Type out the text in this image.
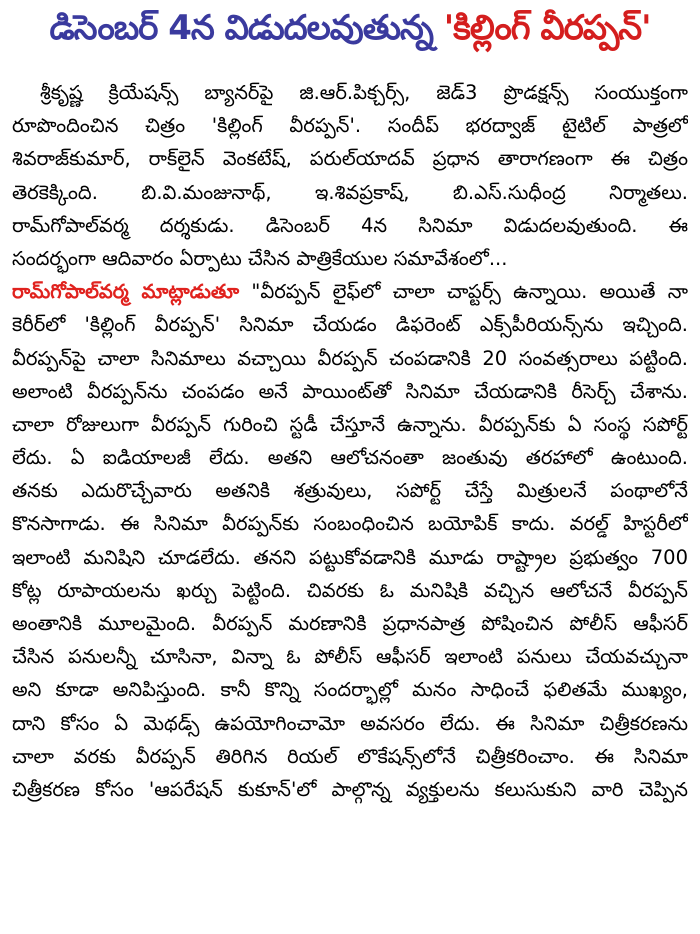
డిసెంబర్ 4న విడుదలవుతున్న 'కిల్లింగ్ వీరప్పన్'
శ్రీకృష్ణ క్రియేషన్స్ బ్యానర్‌పై జి.ఆర్.పిక్చర్స్, జెడ్3 ప్రొడక్షన్స్ సంయుక్తంగా
రూపొందించిన చిత్రం 'కిల్లింగ్ వీరప్పన్'. సందీప్ భరద్వాజ్ టైటిల్ పాత్రలో
శివరాజ్‌కుమార్, రాక్‌లైన్ వెంకటేష్, పరుల్‌యాదవ్ ప్రధాన తారాగణంగా ఈ చిత్రం
తెరకెక్కింది. బి.వి.మంజునాథ్, ఇ.శివప్రకాష్, బి.ఎస్.సుధీంద్ర నిర్మాతలు.
రామ్‌గోపాల్‌వర్మ దర్శకుడు. డిసెంబర్ 4న సినిమా విడుదలవుతుంది. ఈ
సందర్భంగా ఆదివారం ఏర్పాటు చేసిన పాత్రికేయుల సమావేశంలో...
రామ్‌గోపాల్‌వర్మ మాట్లాడుతూ "వీరప్పన్ లైఫ్‌లో చాలా చాప్టర్స్ ఉన్నాయి. అయితే నా
కెరీర్‌లో 'కిల్లింగ్ వీరప్పన్' సినిమా చేయడం డిఫరెంట్ ఎక్స్‌పీరియన్స్‌ను ఇచ్చింది.
వీరప్పన్‌పై చాలా సినిమాలు వచ్చాయి వీరప్పన్ చంపడానికి 20 సంవత్సరాలు పట్టింది.
అలాంటి వీరప్పన్‌ను చంపడం అనే పాయింట్‌తో సినిమా చేయడానికి రీసెర్చ్ చేశాను.
చాలా రోజులుగా వీరప్పన్ గురించి స్టడీ చేస్తూనే ఉన్నాను. వీరప్పన్‌కు ఏ సంస్థ సపోర్ట్
లేదు. ఏ ఐడియాలజీ లేదు. అతని ఆలోచనంతా జంతువు తరహాలో ఉంటుంది.
తనకు ఎదురొచ్చేవారు అతనికి శత్రువులు, సపోర్ట్ చేస్తే మిత్రులనే పంథాలోనే
కొనసాగాడు. ఈ సినిమా వీరప్పన్‌కు సంబంధించిన బయోపిక్ కాదు. వరల్డ్ హిస్టరీలో
ఇలాంటి మనిషిని చూడలేదు. తనని పట్టుకోవడానికి మూడు రాష్ట్రాల ప్రభుత్వం 700
కోట్ల రూపాయలను ఖర్చు పెట్టింది. చివరకు ఓ మనిషికి వచ్చిన ఆలోచనే వీరప్పన్
అంతానికి మూలమైంది. వీరప్పన్ మరణానికి ప్రధానపాత్ర పోషించిన పోలీస్ ఆఫీసర్
చేసిన పనులన్నీ చూసినా, విన్నా ఓ పోలీస్ ఆఫీసర్ ఇలాంటి పనులు చేయవచ్చునా
అని కూడా అనిపిస్తుంది. కానీ కొన్ని సందర్భాల్లో మనం సాధించే ఫలితమే ముఖ్యం,
దాని కోసం ఏ మెథడ్స్ ఉపయోగించామో అవసరం లేదు. ఈ సినిమా చిత్రీకరణను
చాలా వరకు వీరప్పన్ తిరిగిన రియల్ లొకేషన్స్‌లోనే చిత్రీకరించాం. ఈ సినిమా
చిత్రీకరణ కోసం 'ఆపరేషన్ కుకూన్'లో పాల్గొన్న వ్యక్తులను కలుసుకుని వారి చెప్పిన
